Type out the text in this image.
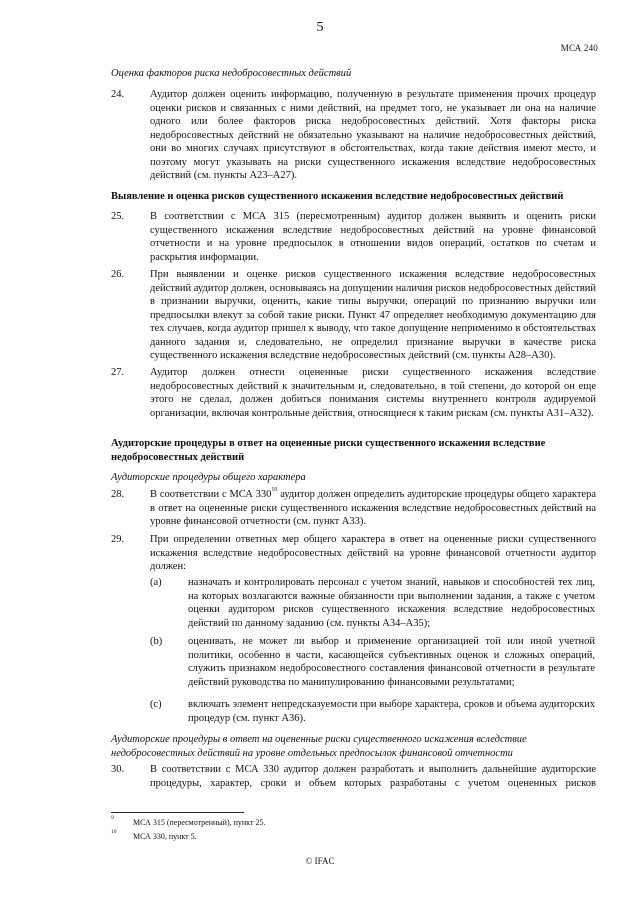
5
МСА 240
Оценка факторов риска недобросовестных действий
24.	Аудитор должен оценить информацию, полученную в результате применения прочих процедур оценки рисков и связанных с ними действий, на предмет того, не указывает ли она на наличие одного или более факторов риска недобросовестных действий. Хотя факторы риска недобросовестных действий не обязательно указывают на наличие недобросовестных действий, они во многих случаях присутствуют в обстоятельствах, когда такие действия имеют место, и поэтому могут указывать на риски существенного искажения вследствие недобросовестных действий (см. пункты A23–A27).
Выявление и оценка рисков существенного искажения вследствие недобросовестных действий
25.	В соответствии с МСА 315 (пересмотренным) аудитор должен выявить и оценить риски существенного искажения вследствие недобросовестных действий на уровне финансовой отчетности и на уровне предпосылок в отношении видов операций, остатков по счетам и раскрытия информации.
26.	При выявлении и оценке рисков существенного искажения вследствие недобросовестных действий аудитор должен, основываясь на допущении наличия рисков недобросовестных действий в признании выручки, оценить, какие типы выручки, операций по признанию выручки или предпосылки влекут за собой такие риски. Пункт 47 определяет необходимую документацию для тех случаев, когда аудитор пришел к выводу, что такое допущение неприменимо в обстоятельствах данного задания и, следовательно, не определил признание выручки в качестве риска существенного искажения вследствие недобросовестных действий (см. пункты A28–A30).
27.	Аудитор должен отнести оцененные риски существенного искажения вследствие недобросовестных действий к значительным и, следовательно, в той степени, до которой он еще этого не сделал, должен добиться понимания системы внутреннего контроля аудируемой организации, включая контрольные действия, относящиеся к таким рискам (см. пункты A31–A32).
Аудиторские процедуры в ответ на оцененные риски существенного искажения вследствие недобросовестных действий
Аудиторские процедуры общего характера
28.	В соответствии с МСА 330$^{10}$ аудитор должен определить аудиторские процедуры общего характера в ответ на оцененные риски существенного искажения вследствие недобросовестных действий на уровне финансовой отчетности (см. пункт A33).
29.	При определении ответных мер общего характера в ответ на оцененные риски существенного искажения вследствие недобросовестных действий на уровне финансовой отчетности аудитор должен:
(a)	назначать и контролировать персонал с учетом знаний, навыков и способностей тех лиц, на которых возлагаются важные обязанности при выполнении задания, а также с учетом оценки аудитором рисков существенного искажения вследствие недобросовестных действий по данному заданию (см. пункты A34–A35);
(b) оценивать, не может ли выбор и применение организацией той или иной учетной политики, особенно в части, касающейся субъективных оценок и сложных операций, служить признаком недобросовестного составления финансовой отчетности в результате действий руководства по манипулированию финансовыми результатами;
(c)	включать элемент непредсказуемости при выборе характера, сроков и объема аудиторских процедур (см. пункт A36).
Аудиторские процедуры в ответ на оцененные риски существенного искажения вследствие недобросовестных действий на уровне отдельных предпосылок финансовой отчетности
30.	В соответствии с МСА 330 аудитор должен разработать и выполнить дальнейшие аудиторские процедуры, характер, сроки и объем которых разработаны с учетом оцененных рисков
9 МСА 315 (пересмотренный), пункт 25.
10 МСА 330, пункт 5.
© IFAC
